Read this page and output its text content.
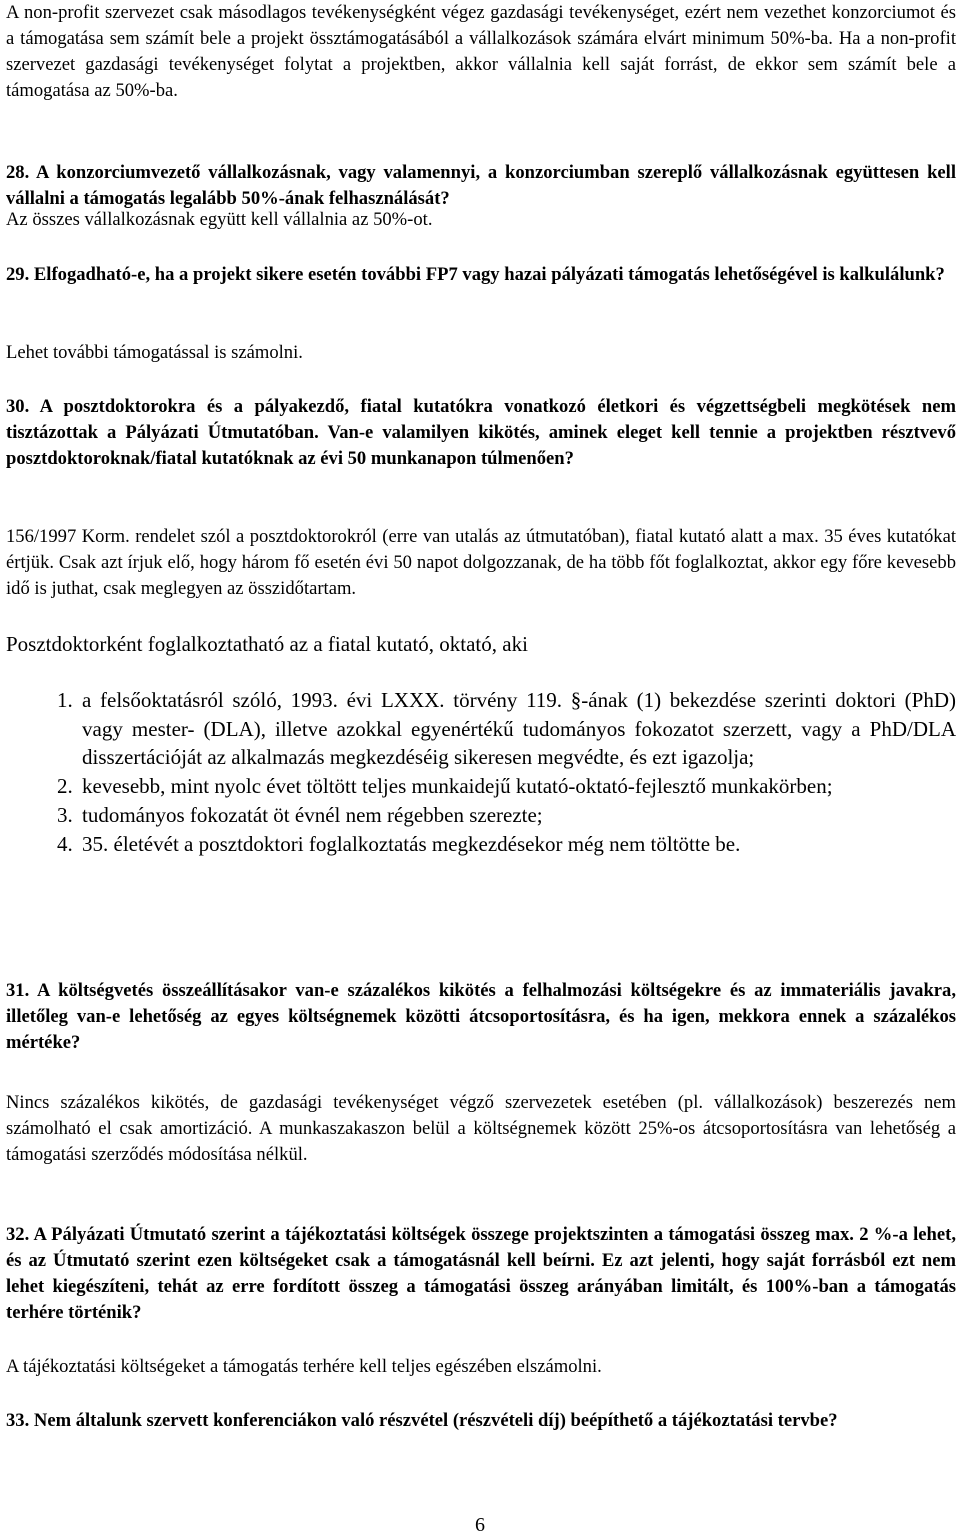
A non-profit szervezet csak másodlagos tevékenységként végez gazdasági tevékenységet, ezért nem vezethet konzorciumot és a támogatása sem számít bele a projekt össztámogatásából a vállalkozások számára elvárt minimum 50%-ba. Ha a non-profit szervezet gazdasági tevékenységet folytat a projektben, akkor vállalnia kell saját forrást, de ekkor sem számít bele a támogatása az 50%-ba.

28. A konzorciumvezető vállalkozásnak, vagy valamennyi, a konzorciumban szereplő vállalkozásnak együttesen kell vállalni a támogatás legalább 50%-ának felhasználását?

Az összes vállalkozásnak együtt kell vállalnia az 50%-ot.

29. Elfogadható-e, ha a projekt sikere esetén további FP7 vagy hazai pályázati támogatás lehetőségével is kalkulálunk?

Lehet további támogatással is számolni.

30. A posztdoktorokra és a pályakezdő, fiatal kutatókra vonatkozó életkori és végzettségbeli megkötések nem tisztázottak a Pályázati Útmutatóban. Van-e valamilyen kikötés, aminek eleget kell tennie a projektben résztvevő posztdoktoroknak/fiatal kutatóknak az évi 50 munkanapon túlmenően?

156/1997 Korm. rendelet szól a posztdoktorokról (erre van utalás az útmutatóban), fiatal kutató alatt a max. 35 éves kutatókat értjük. Csak azt írjuk elő, hogy három fő esetén évi 50 napot dolgozzanak, de ha több főt foglalkoztat, akkor egy főre kevesebb idő is juthat, csak meglegyen az összidőtartam.

Posztdoktorként foglalkoztatható az a fiatal kutató, oktató, aki

1. a felsőoktatásról szóló, 1993. évi LXXX. törvény 119. §-ának (1) bekezdése szerinti doktori (PhD) vagy mester- (DLA), illetve azokkal egyenértékű tudományos fokozatot szerzett, vagy a PhD/DLA disszertációját az alkalmazás megkezdéséig sikeresen megvédte, és ezt igazolja;
2. kevesebb, mint nyolc évet töltött teljes munkaidejű kutató-oktató-fejlesztő munkakörben;
3. tudományos fokozatát öt évnél nem régebben szerezte;
4. 35. életévét a posztdoktori foglalkoztatás megkezdésekor még nem töltötte be.

31. A költségvetés összeállításakor van-e százalékos kikötés a felhalmozási költségekre és az immateriális javakra, illetőleg van-e lehetőség az egyes költségnemek közötti átcsoportosításra, és ha igen, mekkora ennek a százalékos mértéke?

Nincs százalékos kikötés, de gazdasági tevékenységet végző szervezetek esetében (pl. vállalkozások) beszerezés nem számolható el csak amortizáció. A munkaszakaszon belül a költségnemek között 25%-os átcsoportosításra van lehetőség a támogatási szerződés módosítása nélkül.

32. A Pályázati Útmutató szerint a tájékoztatási költségek összege projektszinten a támogatási összeg max. 2 %-a lehet, és az Útmutató szerint ezen költségeket csak a támogatásnál kell beírni. Ez azt jelenti, hogy saját forrásból ezt nem lehet kiegészíteni, tehát az erre fordított összeg a támogatási összeg arányában limitált, és 100%-ban a támogatás terhére történik?

A tájékoztatási költségeket a támogatás terhére kell teljes egészében elszámolni.

33. Nem általunk szervett konferenciákon való részvétel (részvételi díj) beépíthető a tájékoztatási tervbe?

6
